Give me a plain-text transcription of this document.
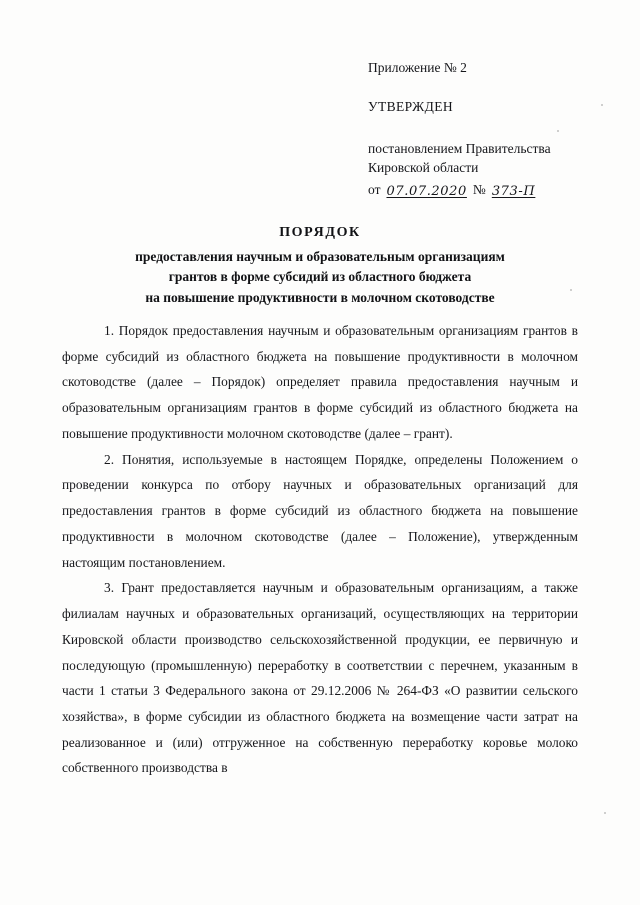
Приложение № 2
УТВЕРЖДЕН
постановлением Правительства
Кировской области
от 07.07.2020 № 373-П
ПОРЯДОК
предоставления научным и образовательным организациям
грантов в форме субсидий из областного бюджета
на повышение продуктивности в молочном скотоводстве

1. Порядок предоставления научным и образовательным организациям грантов в форме субсидий из областного бюджета на повышение продуктивности в молочном скотоводстве (далее – Порядок) определяет правила предоставления научным и образовательным организациям грантов в форме субсидий из областного бюджета на повышение продуктивности молочном скотоводстве (далее – грант).

2. Понятия, используемые в настоящем Порядке, определены Положением о проведении конкурса по отбору научных и образовательных организаций для предоставления грантов в форме субсидий из областного бюджета на повышение продуктивности в молочном скотоводстве (далее – Положение), утвержденным настоящим постановлением.

3. Грант предоставляется научным и образовательным организациям, а также филиалам научных и образовательных организаций, осуществляющих на территории Кировской области производство сельскохозяйственной продукции, ее первичную и последующую (промышленную) переработку в соответствии с перечнем, указанным в части 1 статьи 3 Федерального закона от 29.12.2006 № 264-ФЗ «О развитии сельского хозяйства», в форме субсидии из областного бюджета на возмещение части затрат на реализованное и (или) отгруженное на собственную переработку коровье молоко собственного производства в
